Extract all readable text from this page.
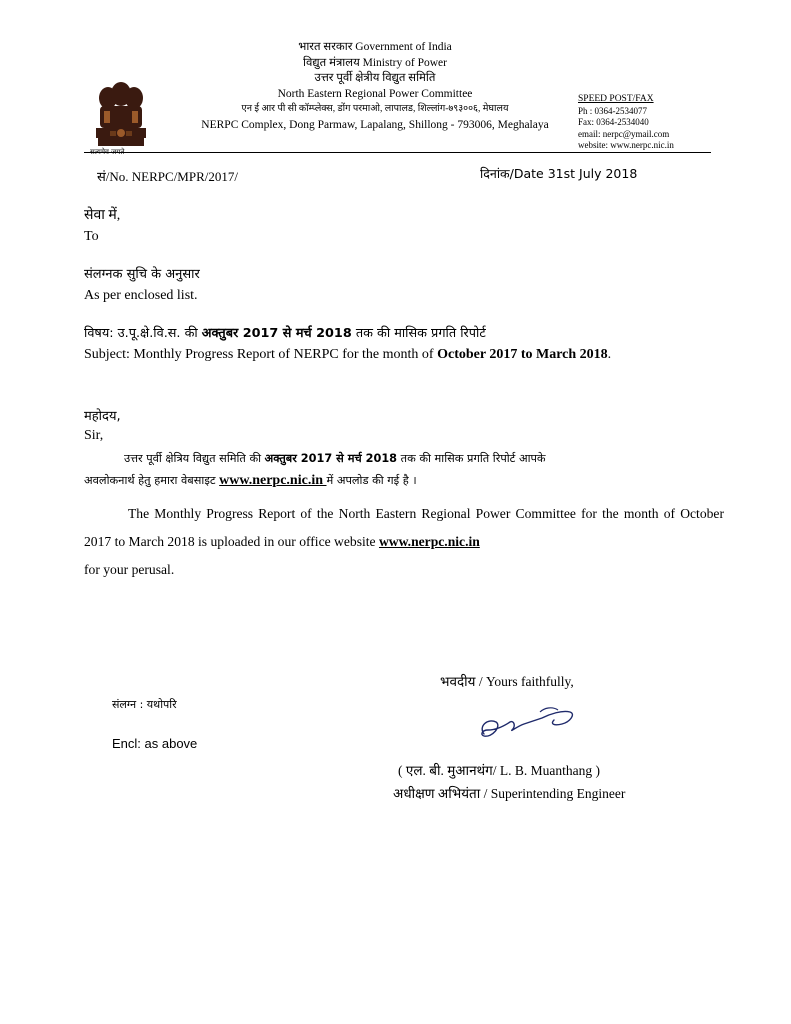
सत्यमेव जयते
भारत सरकार Government of India
विद्युत मंत्रालय Ministry of Power
उत्तर पूर्वी क्षेत्रीय विद्युत समिति
North Eastern Regional Power Committee
एन ई आर पी सी कॉम्प्लेक्स, डोंग परमाओ, लापालड, शिल्लांग-७९३००६, मेघालय
NERPC Complex, Dong Parmaw, Lapalang, Shillong - 793006, Meghalaya
SPEED POST/FAX
Ph : 0364-2534077
Fax: 0364-2534040
email: nerpc@ymail.com
website: www.nerpc.nic.in
सं/No. NERPC/MPR/2017/	दिनांक/Date 31st July 2018
सेवा में,
To
संलग्नक सुचि के अनुसार
As per enclosed list.
विषय: उ.पू.क्षे.वि.स. की अक्तुबर 2017 से मर्च 2018 तक की मासिक प्रगति रिपोर्ट
Subject: Monthly Progress Report of NERPC for the month of October 2017 to March 2018.
महोदय,
Sir,
उत्तर पूर्वी क्षेत्रिय विद्युत समिति की अक्तुबर 2017 से मर्च 2018 तक की मासिक प्रगति रिपोर्ट आपके
अवलोकनार्थ हेतु हमारा वेबसाइट www.nerpc.nic.in में अपलोड की गई है ।
The Monthly Progress Report of the North Eastern Regional Power Committee for the month of October 2017 to March 2018 is uploaded in our office website www.nerpc.nic.in
for your perusal.
भवदीय / Yours faithfully,
संलग्न : यथोपरि
Encl: as above
( एल. बी. मुआनथंग/ L. B. Muanthang )
अधीक्षण अभियंता / Superintending Engineer
